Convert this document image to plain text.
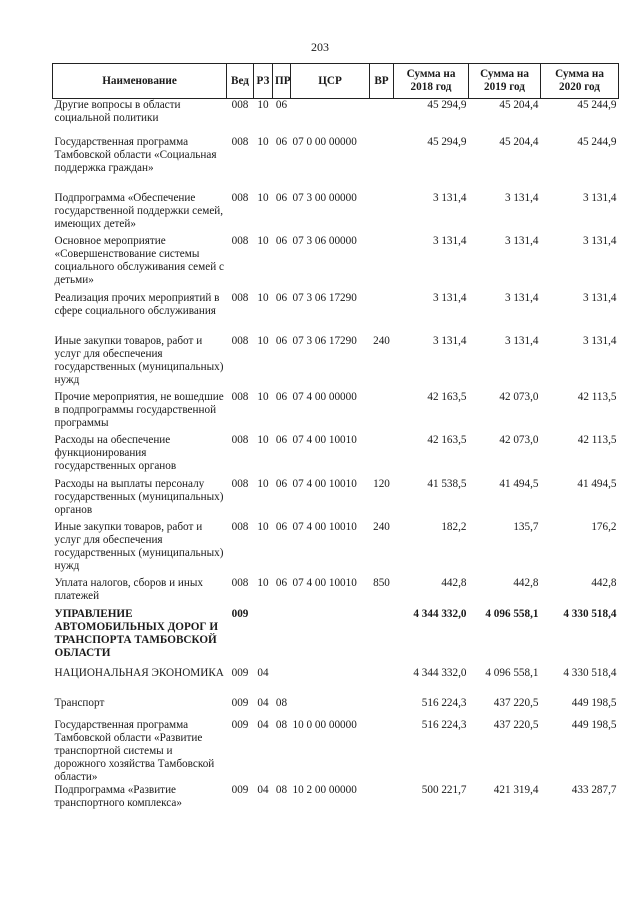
203
Наименование	Вед	РЗ	ПР	ЦСР	ВР	Сумма на 2018 год	Сумма на 2019 год	Сумма на 2020 год
Другие вопросы в области социальной политики	008	10	06			45 294,9	45 204,4	45 244,9
Государственная программа Тамбовской области «Социальная поддержка граждан»	008	10	06	07 0 00 00000		45 294,9	45 204,4	45 244,9
Подпрограмма «Обеспечение государственной поддержки семей, имеющих детей»	008	10	06	07 3 00 00000		3 131,4	3 131,4	3 131,4
Основное мероприятие «Совершенствование системы социального обслуживания семей с детьми»	008	10	06	07 3 06 00000		3 131,4	3 131,4	3 131,4
Реализация прочих мероприятий в сфере социального обслуживания	008	10	06	07 3 06 17290		3 131,4	3 131,4	3 131,4
Иные закупки товаров, работ и услуг для обеспечения государственных (муниципальных) нужд	008	10	06	07 3 06 17290	240	3 131,4	3 131,4	3 131,4
Прочие мероприятия, не вошедшие в подпрограммы государственной программы	008	10	06	07 4 00 00000		42 163,5	42 073,0	42 113,5
Расходы на обеспечение функционирования государственных органов	008	10	06	07 4 00 10010		42 163,5	42 073,0	42 113,5
Расходы на выплаты персоналу государственных (муниципальных) органов	008	10	06	07 4 00 10010	120	41 538,5	41 494,5	41 494,5
Иные закупки товаров, работ и услуг для обеспечения государственных (муниципальных) нужд	008	10	06	07 4 00 10010	240	182,2	135,7	176,2
Уплата налогов, сборов и иных платежей	008	10	06	07 4 00 10010	850	442,8	442,8	442,8
УПРАВЛЕНИЕ АВТОМОБИЛЬНЫХ ДОРОГ И ТРАНСПОРТА ТАМБОВСКОЙ ОБЛАСТИ	009					4 344 332,0	4 096 558,1	4 330 518,4
НАЦИОНАЛЬНАЯ ЭКОНОМИКА	009	04				4 344 332,0	4 096 558,1	4 330 518,4
Транспорт	009	04	08			516 224,3	437 220,5	449 198,5
Государственная программа Тамбовской области «Развитие транспортной системы и дорожного хозяйства Тамбовской области»	009	04	08	10 0 00 00000		516 224,3	437 220,5	449 198,5
Подпрограмма «Развитие транспортного комплекса»	009	04	08	10 2 00 00000		500 221,7	421 319,4	433 287,7
